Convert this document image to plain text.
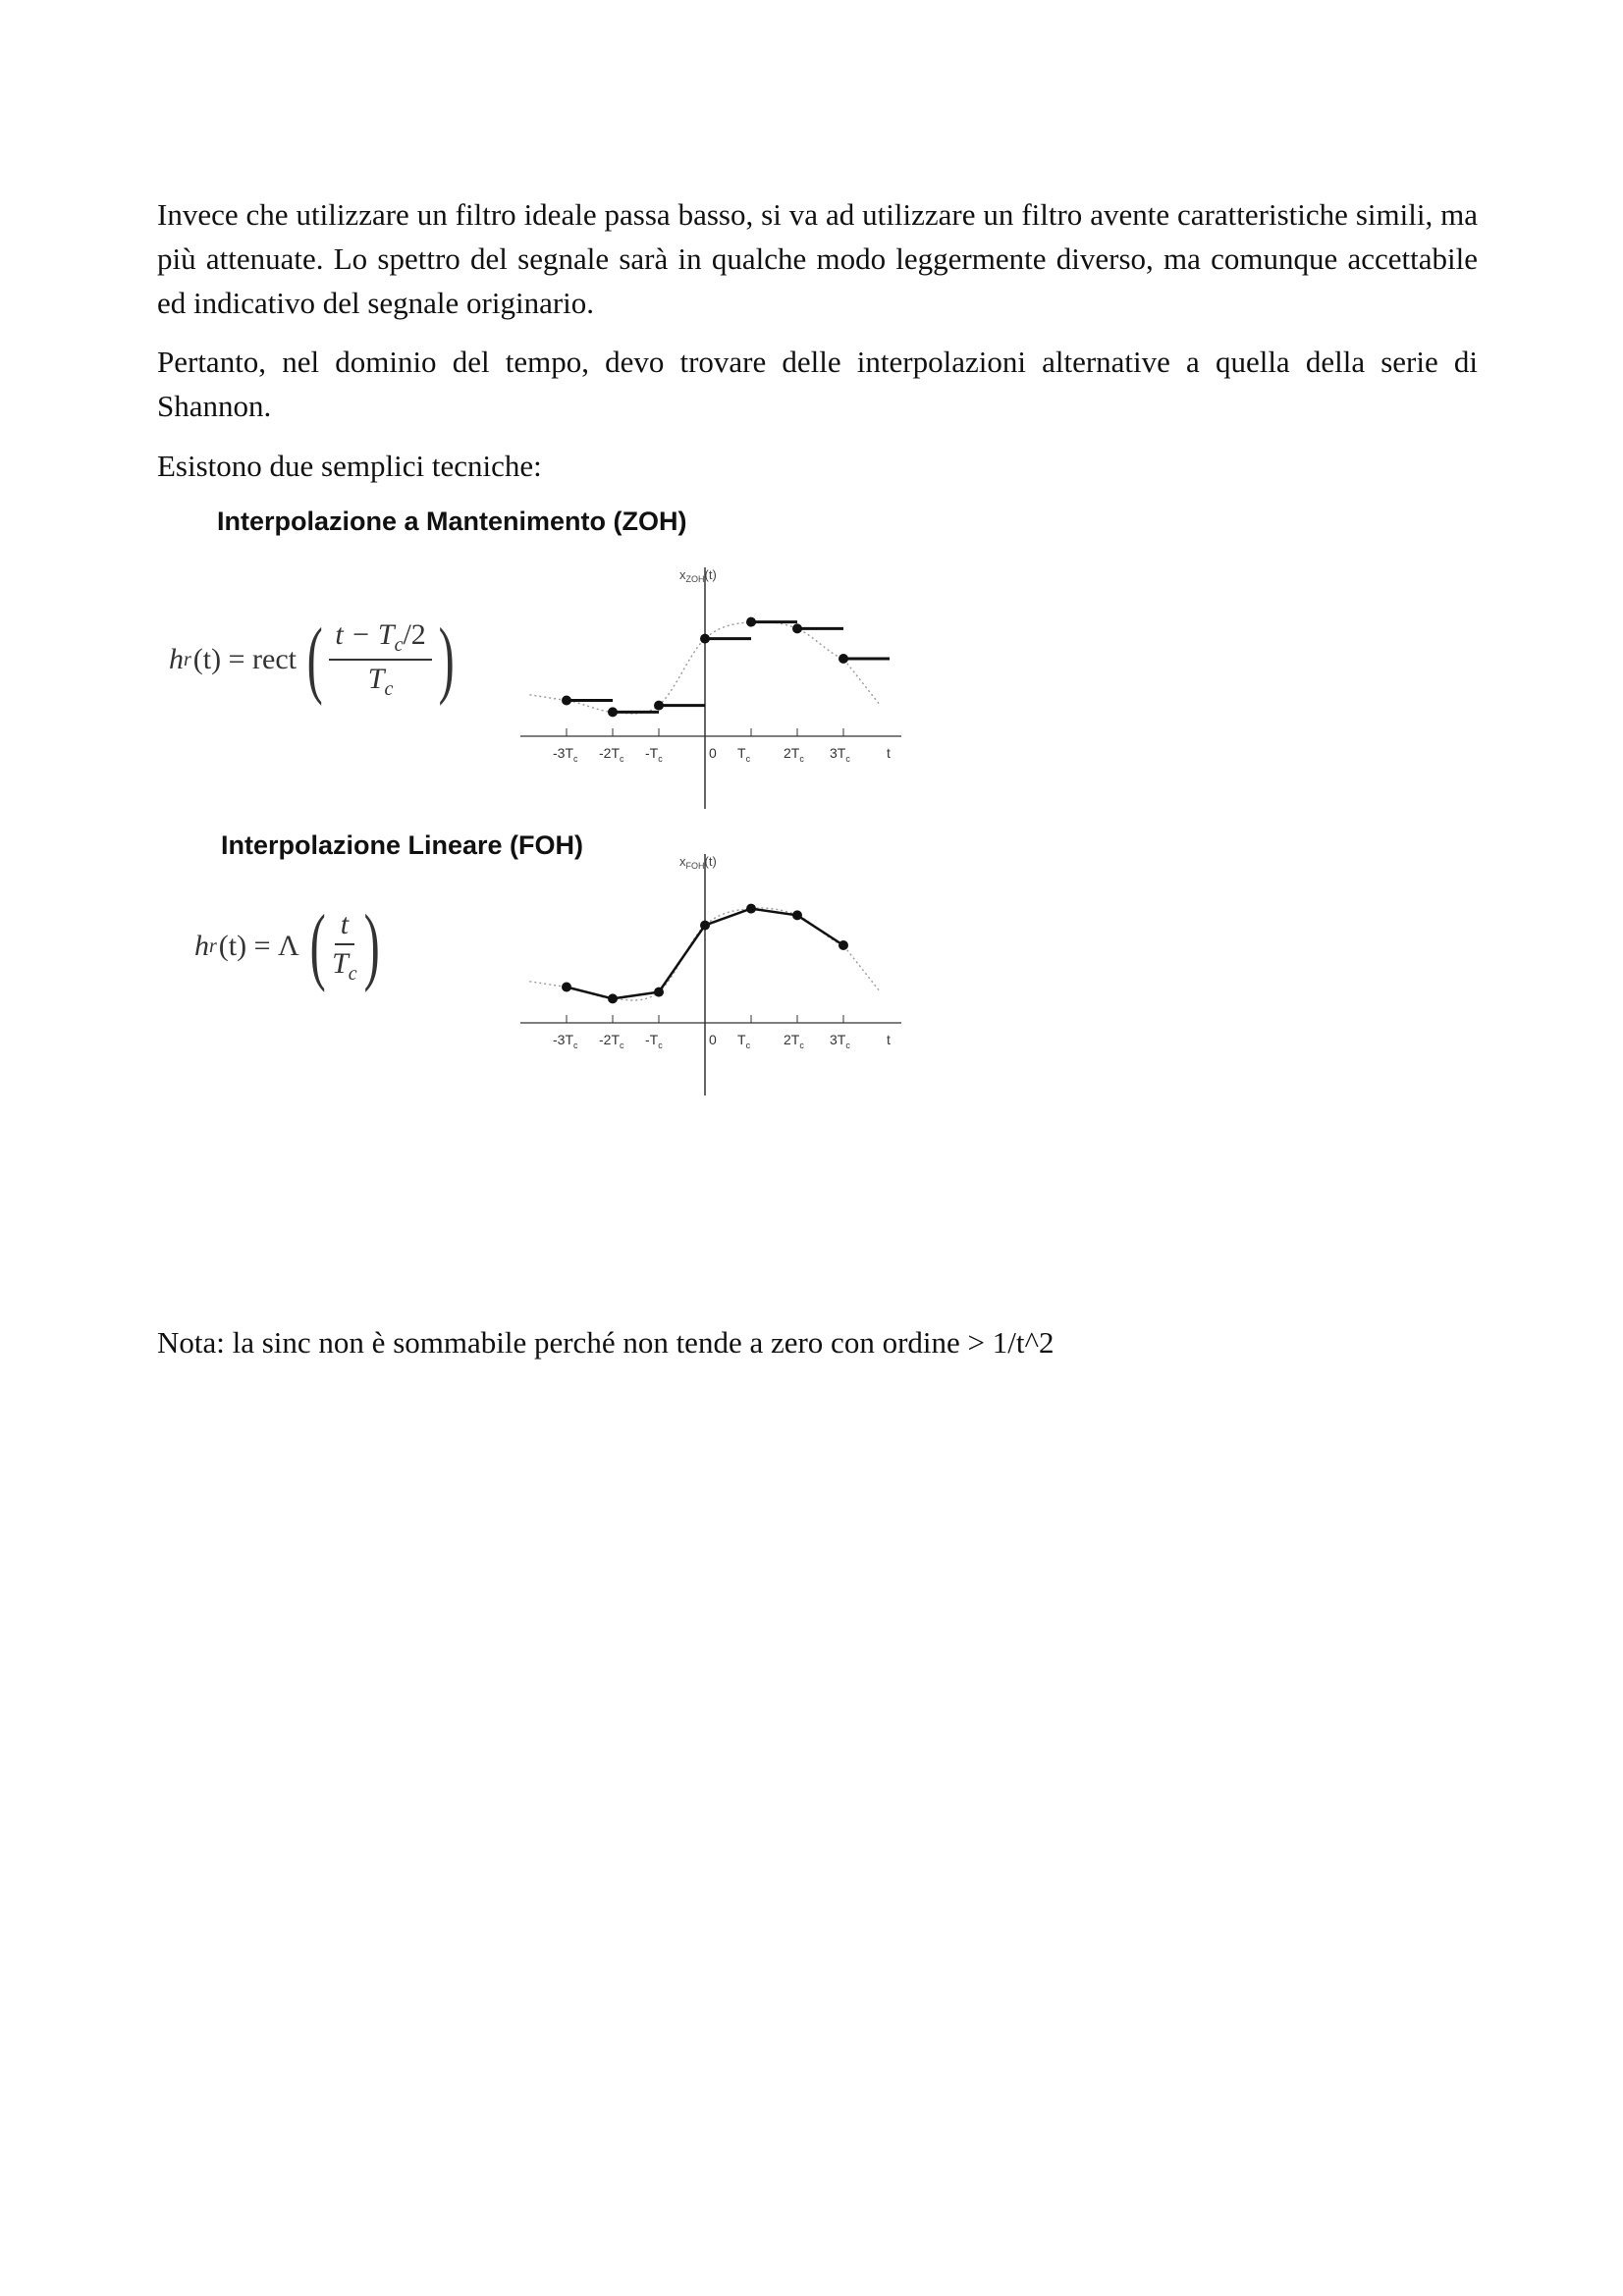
Invece che utilizzare un filtro ideale passa basso, si va ad utilizzare un filtro avente caratteristiche simili, ma più attenuate. Lo spettro del segnale sarà in qualche modo leggermente diverso, ma comunque accettabile ed indicativo del segnale originario.

Pertanto, nel dominio del tempo, devo trovare delle interpolazioni alternative a quella della serie di Shannon.

Esistono due semplici tecniche:

Interpolazione a Mantenimento (ZOH)
h r (t) = rect ( $\frac{t - T_c/2}{T_c}$ )
$x_{ZOH}(t)$
$-3T_c$ $-2T_c$ $-T_c$	0 $T_c$ $2T_c$ $3T_c$	t
Interpolazione Lineare (FOH)
h r (t) = Λ ( $\frac{t}{T_c}$ )
$x_{FOH}(t)$
$-3T_c$ $-2T_c$ $-T_c$	0 $T_c$ $2T_c$ $3T_c$	t

Nota: la sinc non è sommabile perché non tende a zero con ordine > 1/t^2
